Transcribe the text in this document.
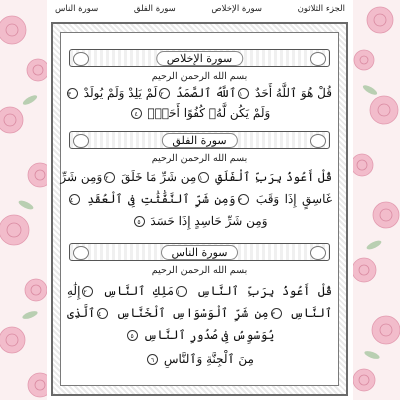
الجزء الثلاثون
سورة الإخلاص
سورة الفلق
سورة الناس
سورة الإخلاص
بسم الله الرحمن الرحيم
قُلْ هُوَ ٱللَّهُ أَحَدٌ ١ٱللَّهُ ٱلصَّمَدُ ٢لَمْ يَلِدْ وَلَمْ يُولَدْ ٣
وَلَمْ يَكُن لَّهُۥ كُفُوًا أَحَدٌۢ ٤
سورة الفلق
بسم الله الرحمن الرحيم
قُلْ أَعُوذُ بِرَبِّ ٱلْفَلَقِ ١مِن شَرِّ مَا خَلَقَ ٢وَمِن شَرِّ
غَاسِقٍ إِذَا وَقَبَ ٣وَمِن شَرِّ ٱلنَّفَّٰثَٰتِ فِى ٱلْعُقَدِ ٤
وَمِن شَرِّ حَاسِدٍ إِذَا حَسَدَ ٥
سورة الناس
بسم الله الرحمن الرحيم
قُلْ أَعُوذُ بِرَبِّ ٱلنَّاسِ ١مَلِكِ ٱلنَّاسِ ٢إِلَٰهِ
ٱلنَّاسِ ٣مِن شَرِّ ٱلْوَسْوَاسِ ٱلْخَنَّاسِ ٤ٱلَّذِى
يُوَسْوِسُ فِى صُدُورِ ٱلنَّاسِ ٥
مِنَ ٱلْجِنَّةِ وَٱلنَّاسِ ٦
